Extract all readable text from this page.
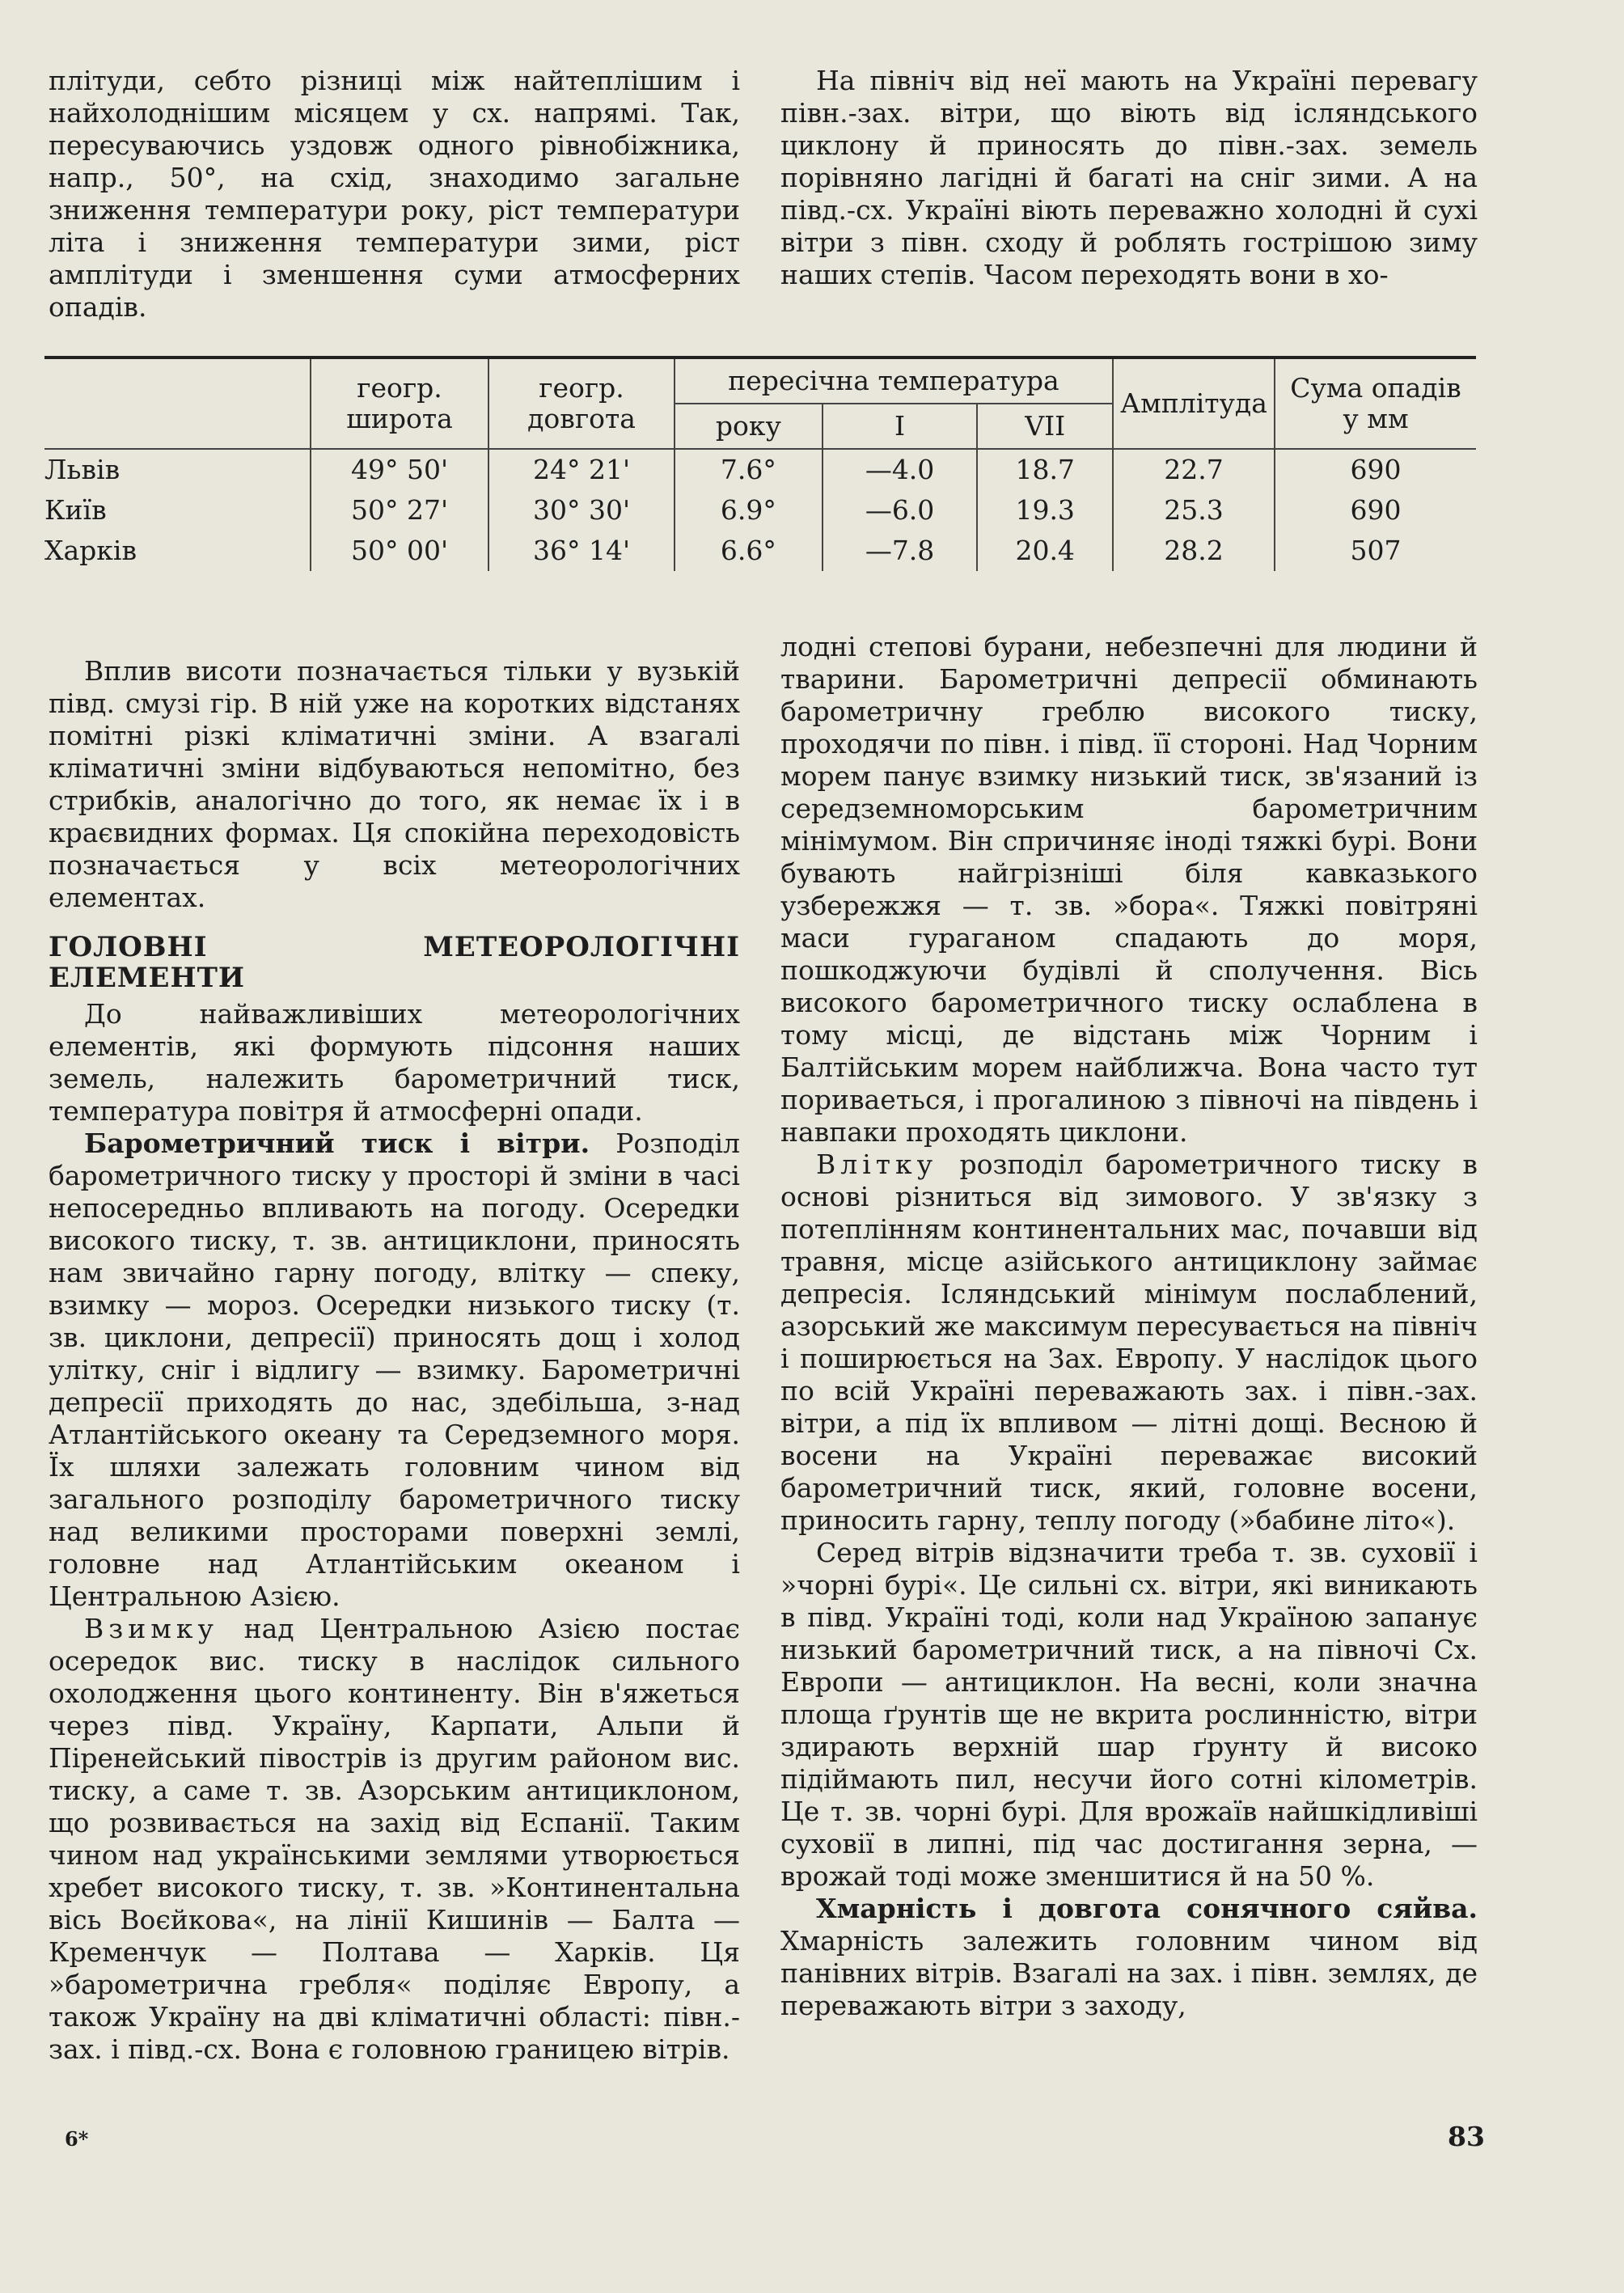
плітуди, себто різниці між найтеплішим і найхолоднішим місяцем у сх. напрямі. Так, пересуваючись уздовж одного рівнобіжника, напр., 50°, на схід, знаходимо загальне зниження температури року, ріст температури літа і зниження температури зими, ріст амплітуди і зменшення суми атмосферних опадів.

На північ від неї мають на Україні перевагу півн.-зах. вітри, що віють від ісляндського циклону й приносять до півн.-зах. земель порівняно лагідні й багаті на сніг зими. А на півд.-сх. Україні віють переважно холодні й сухі вітри з півн. сходу й роблять гострішою зиму наших степів. Часом переходять вони в хо-

	геогр. широта	геогр. довгота	пересічна температура			Амплітуда	Сума опадів у мм
			року	I	VII		

Львів	49° 50'	24° 21'	7.6°	—4.0	18.7	22.7	690
Київ	50° 27'	30° 30'	6.9°	—6.0	19.3	25.3	690
Харків	50° 00'	36° 14'	6.6°	—7.8	20.4	28.2	507

Вплив висоти позначається тільки у вузькій півд. смузі гір. В ній уже на коротких відстанях помітні різкі кліматичні зміни. А взагалі кліматичні зміни відбуваються непомітно, без стрибків, аналогічно до того, як немає їх і в краєвидних формах. Ця спокійна переходовість позначається у всіх метеорологічних елементах.

ГОЛОВНІ МЕТЕОРОЛОГІЧНІ ЕЛЕМЕНТИ

До найважливіших метеорологічних елементів, які формують підсоння наших земель, належить барометричний тиск, температура повітря й атмосферні опади.

Барометричний тиск і вітри. Розподіл барометричного тиску у просторі й зміни в часі непосередньо впливають на погоду. Осередки високого тиску, т. зв. антициклони, приносять нам звичайно гарну погоду, влітку — спеку, взимку — мороз. Осередки низького тиску (т. зв. циклони, депресії) приносять дощ і холод улітку, сніг і відлигу — взимку. Барометричні депресії приходять до нас, здебільша, з-над Атлантійського океану та Середземного моря. Їх шляхи залежать головним чином від загального розподілу барометричного тиску над великими просторами поверхні землі, головне над Атлантійським океаном і Центральною Азією.

Взимку над Центральною Азією постає осередок вис. тиску в наслідок сильного охолодження цього континенту. Він в'яжеться через півд. Україну, Карпати, Альпи й Піренейський півострів із другим районом вис. тиску, а саме т. зв. Азорським антициклоном, що розвивається на захід від Еспанії. Таким чином над українськими землями утворюється хребет високого тиску, т. зв. »Континентальна вісь Воєйкова«, на лінії Кишинів — Балта — Кременчук — Полтава — Харків. Ця »барометрична гребля« поділяє Европу, а також Україну на дві кліматичні області: півн.-зах. і півд.-сх. Вона є головною границею вітрів.

лодні степові бурани, небезпечні для людини й тварини. Барометричні депресії обминають барометричну греблю високого тиску, проходячи по півн. і півд. її сторонi. Над Чорним морем панує взимку низький тиск, зв'язаний із середземноморським барометричним мінімумом. Він спричиняє іноді тяжкі бурі. Вони бувають найгрізніші біля кавказького узбережжя — т. зв. »бора«. Тяжкі повітряні маси гураганом спадають до моря, пошкоджуючи будівлі й сполучення. Вісь високого барометричного тиску ослаблена в тому місці, де відстань між Чорним і Балтійським морем найближча. Вона часто тут пориваеться, і прогалиною з півночі на південь і навпаки проходять циклони.

Влітку розподіл барометричного тиску в основі різниться від зимового. У зв'язку з потеплінням континентальних мас, почавши від травня, місце азійського антициклону займає депресія. Ісляндський мінімум послаблений, азорський же максимум пересувається на північ і поширюється на Зах. Европу. У наслідок цього по всій Україні переважають зах. і півн.-зах. вітри, а під їх впливом — літні дощі. Весною й восени на Україні переважає високий барометричний тиск, який, головне восени, приносить гарну, теплу погоду (»бабине літо«).

Серед вітрів відзначити треба т. зв. суховії і »чорні бурі«. Це сильні сх. вітри, які виникають в півд. Україні тоді, коли над Україною запанує низький барометричний тиск, а на півночі Сх. Европи — антициклон. На весні, коли значна площа ґрунтів ще не вкрита рослинністю, вітри здирають верхній шар ґрунту й високо підіймають пил, несучи його сотні кілометрів. Це т. зв. чорні бурі. Для врожаїв найшкідливіші суховії в липні, під час достигання зерна, — врожай тоді може зменшитися й на 50 %.

Хмарність і довгота сонячного сяйва. Хмарність залежить головним чином від панівних вітрів. Взагалі на зах. і півн. землях, де переважають вітри з заходу,

6*	83
